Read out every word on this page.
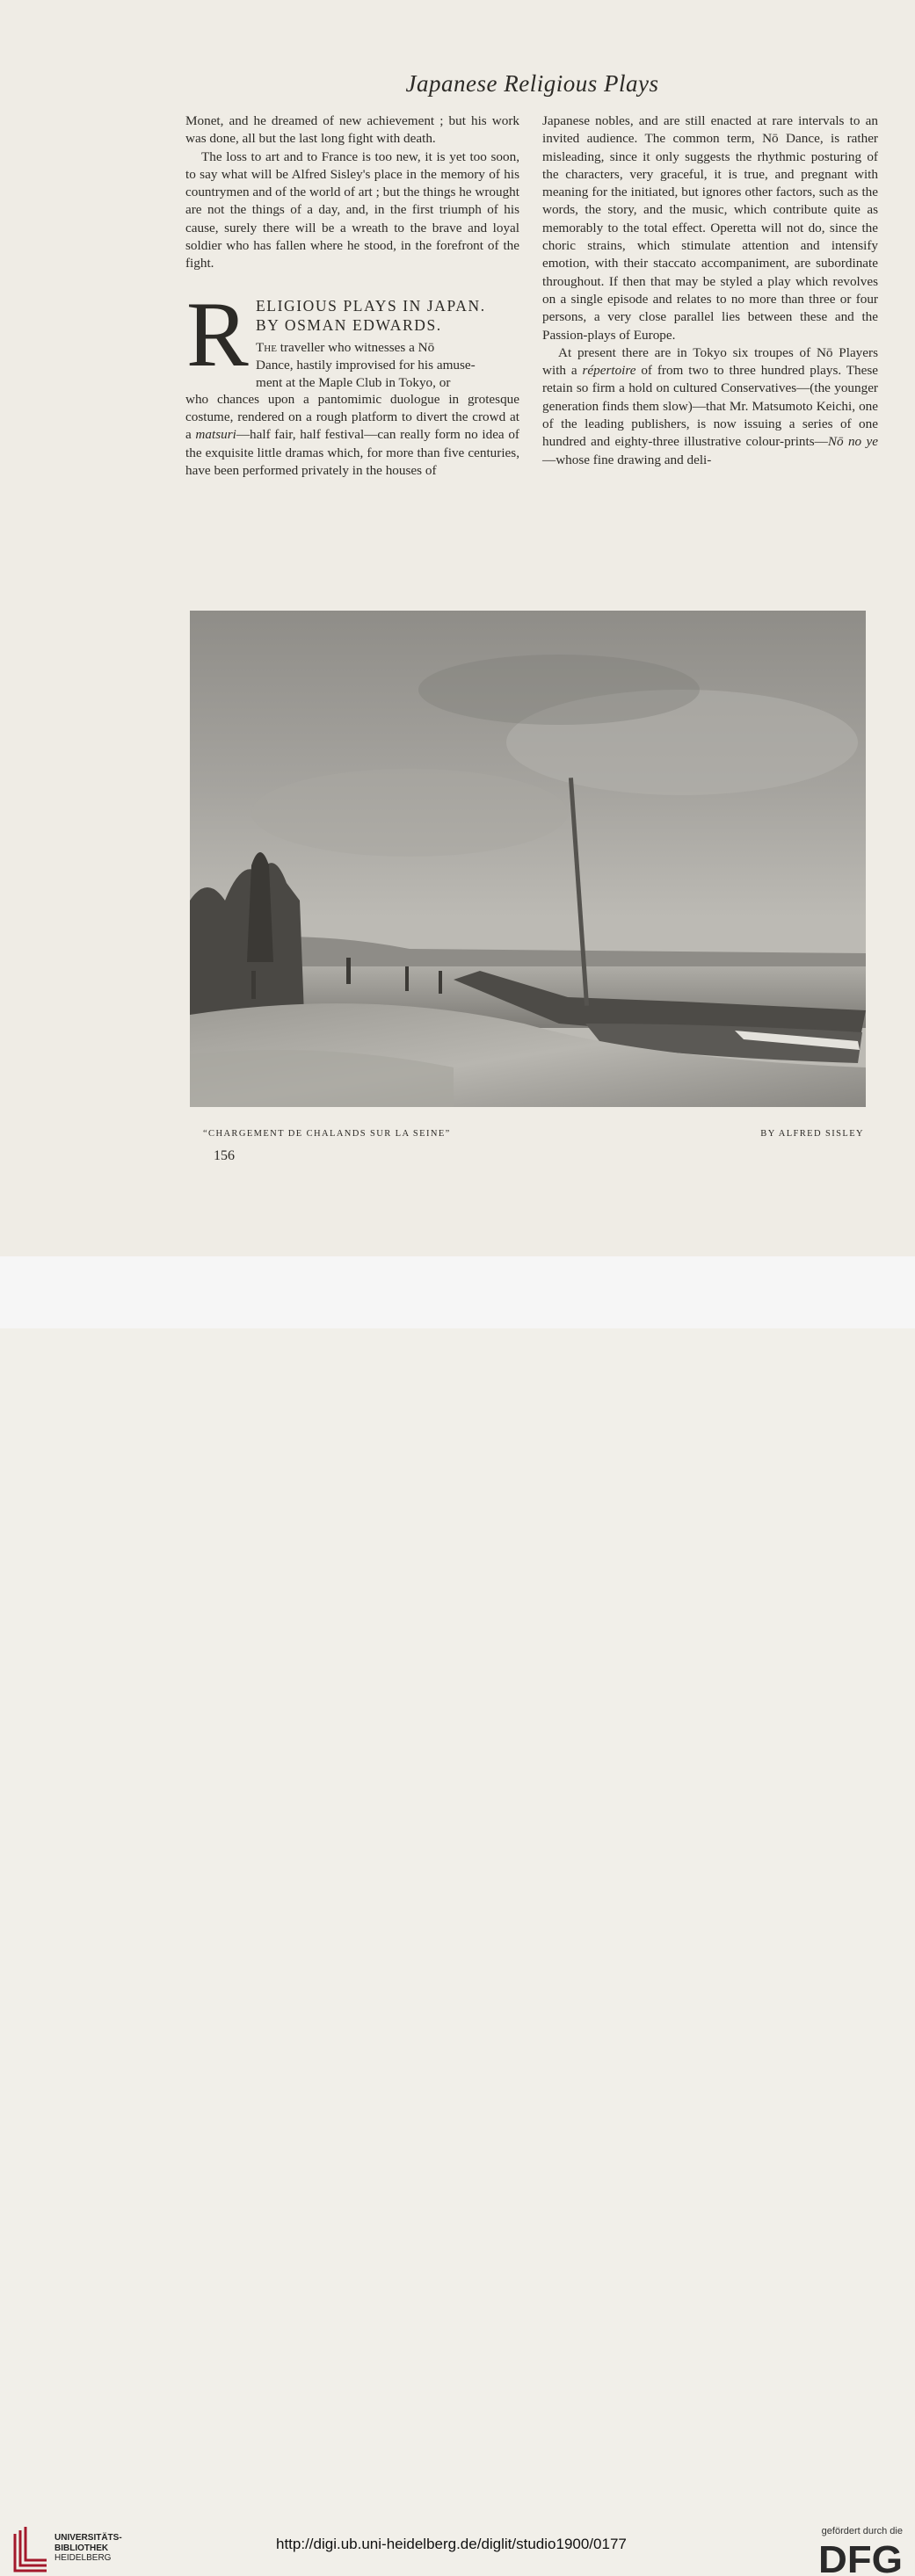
Japanese Religious Plays

Monet, and he dreamed of new achievement ; but his work was done, all but the last long fight with death.

The loss to art and to France is too new, it is yet too soon, to say what will be Alfred Sisley's place in the memory of his countrymen and of the world of art ; but the things he wrought are not the things of a day, and, in the first triumph of his cause, surely there will be a wreath to the brave and loyal soldier who has fallen where he stood, in the forefront of the fight.

R ELIGIOUS PLAYS IN JAPAN.
BY OSMAN EDWARDS.

The traveller who witnesses a Nō

Dance, hastily improvised for his amuse-

ment at the Maple Club in Tokyo, or

who chances upon a pantomimic duologue in grotesque costume, rendered on a rough platform to divert the crowd at a matsuri—half fair, half festival—can really form no idea of the exquisite little dramas which, for more than five centuries, have been performed privately in the houses of

Japanese nobles, and are still enacted at rare intervals to an invited audience. The common term, Nō Dance, is rather misleading, since it only suggests the rhythmic posturing of the characters, very graceful, it is true, and pregnant with meaning for the initiated, but ignores other factors, such as the words, the story, and the music, which contribute quite as memorably to the total effect. Operetta will not do, since the choric strains, which stimulate attention and intensify emotion, with their staccato accompaniment, are subordinate throughout. If then that may be styled a play which revolves on a single episode and relates to no more than three or four persons, a very close parallel lies between these and the Passion-plays of Europe.

At present there are in Tokyo six troupes of Nō Players with a répertoire of from two to three hundred plays. These retain so firm a hold on cultured Conservatives—(the younger generation finds them slow)—that Mr. Matsumoto Keichi, one of the leading publishers, is now issuing a series of one hundred and eighty-three illustrative colour-prints—Nō no ye—whose fine drawing and deli-

“CHARGEMENT DE CHALANDS SUR LA SEINE”	BY ALFRED SISLEY
156
UNIVERSITÄTS-
BIBLIOTHEK
HEIDELBERG
http://digi.ub.uni-heidelberg.de/diglit/studio1900/0177
gefördert durch die
DFG
